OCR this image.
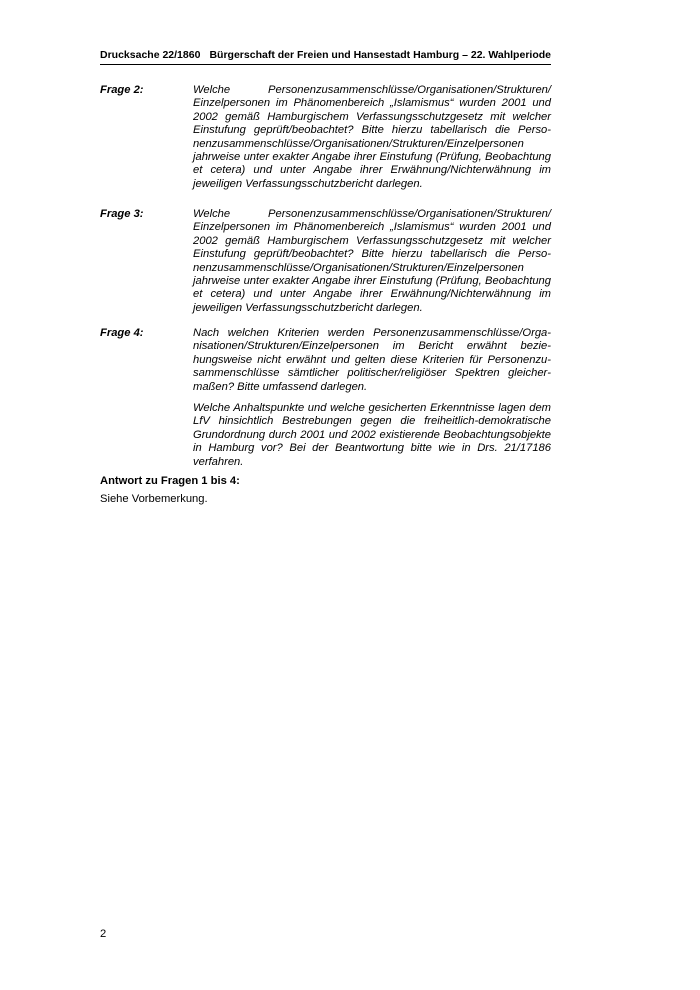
Drucksache 22/1860 Bürgerschaft der Freien und Hansestadt Hamburg – 22. Wahlperiode
Frage 2:	Welche Personenzusammenschlüsse/Organisationen/Strukturen/ Einzelpersonen im Phänomenbereich „Islamismus“ wurden 2001 und 2002 gemäß Hamburgischem Verfassungsschutzgesetz mit welcher Einstufung geprüft/beobachtet? Bitte hierzu tabellarisch die Personenzusammenschlüsse/Organisationen/Strukturen/Einzelpersonen jahrweise unter exakter Angabe ihrer Einstufung (Prüfung, Beobachtung et cetera) und unter Angabe ihrer Erwähnung/Nichterwähnung im jeweiligen Verfassungsschutzbericht darlegen.

Frage 3:	Welche Personenzusammenschlüsse/Organisationen/Strukturen/ Einzelpersonen im Phänomenbereich „Islamismus“ wurden 2001 und 2002 gemäß Hamburgischem Verfassungsschutzgesetz mit welcher Einstufung geprüft/beobachtet? Bitte hierzu tabellarisch die Personenzusammenschlüsse/Organisationen/Strukturen/Einzelpersonen jahrweise unter exakter Angabe ihrer Einstufung (Prüfung, Beobachtung et cetera) und unter Angabe ihrer Erwähnung/Nichterwähnung im jeweiligen Verfassungsschutzbericht darlegen.

Frage 4:	Nach welchen Kriterien werden Personenzusammenschlüsse/Organisationen/Strukturen/Einzelpersonen im Bericht erwähnt beziehungsweise nicht erwähnt und gelten diese Kriterien für Personenzusammenschlüsse sämtlicher politischer/religiöser Spektren gleichermaßen? Bitte umfassend darlegen.

Welche Anhaltspunkte und welche gesicherten Erkenntnisse lagen dem LfV hinsichtlich Bestrebungen gegen die freiheitlich-demokratische Grundordnung durch 2001 und 2002 existierende Beobachtungsobjekte in Hamburg vor? Bei der Beantwortung bitte wie in Drs. 21/17186 verfahren.

Antwort zu Fragen 1 bis 4:
Siehe Vorbemerkung.
2
